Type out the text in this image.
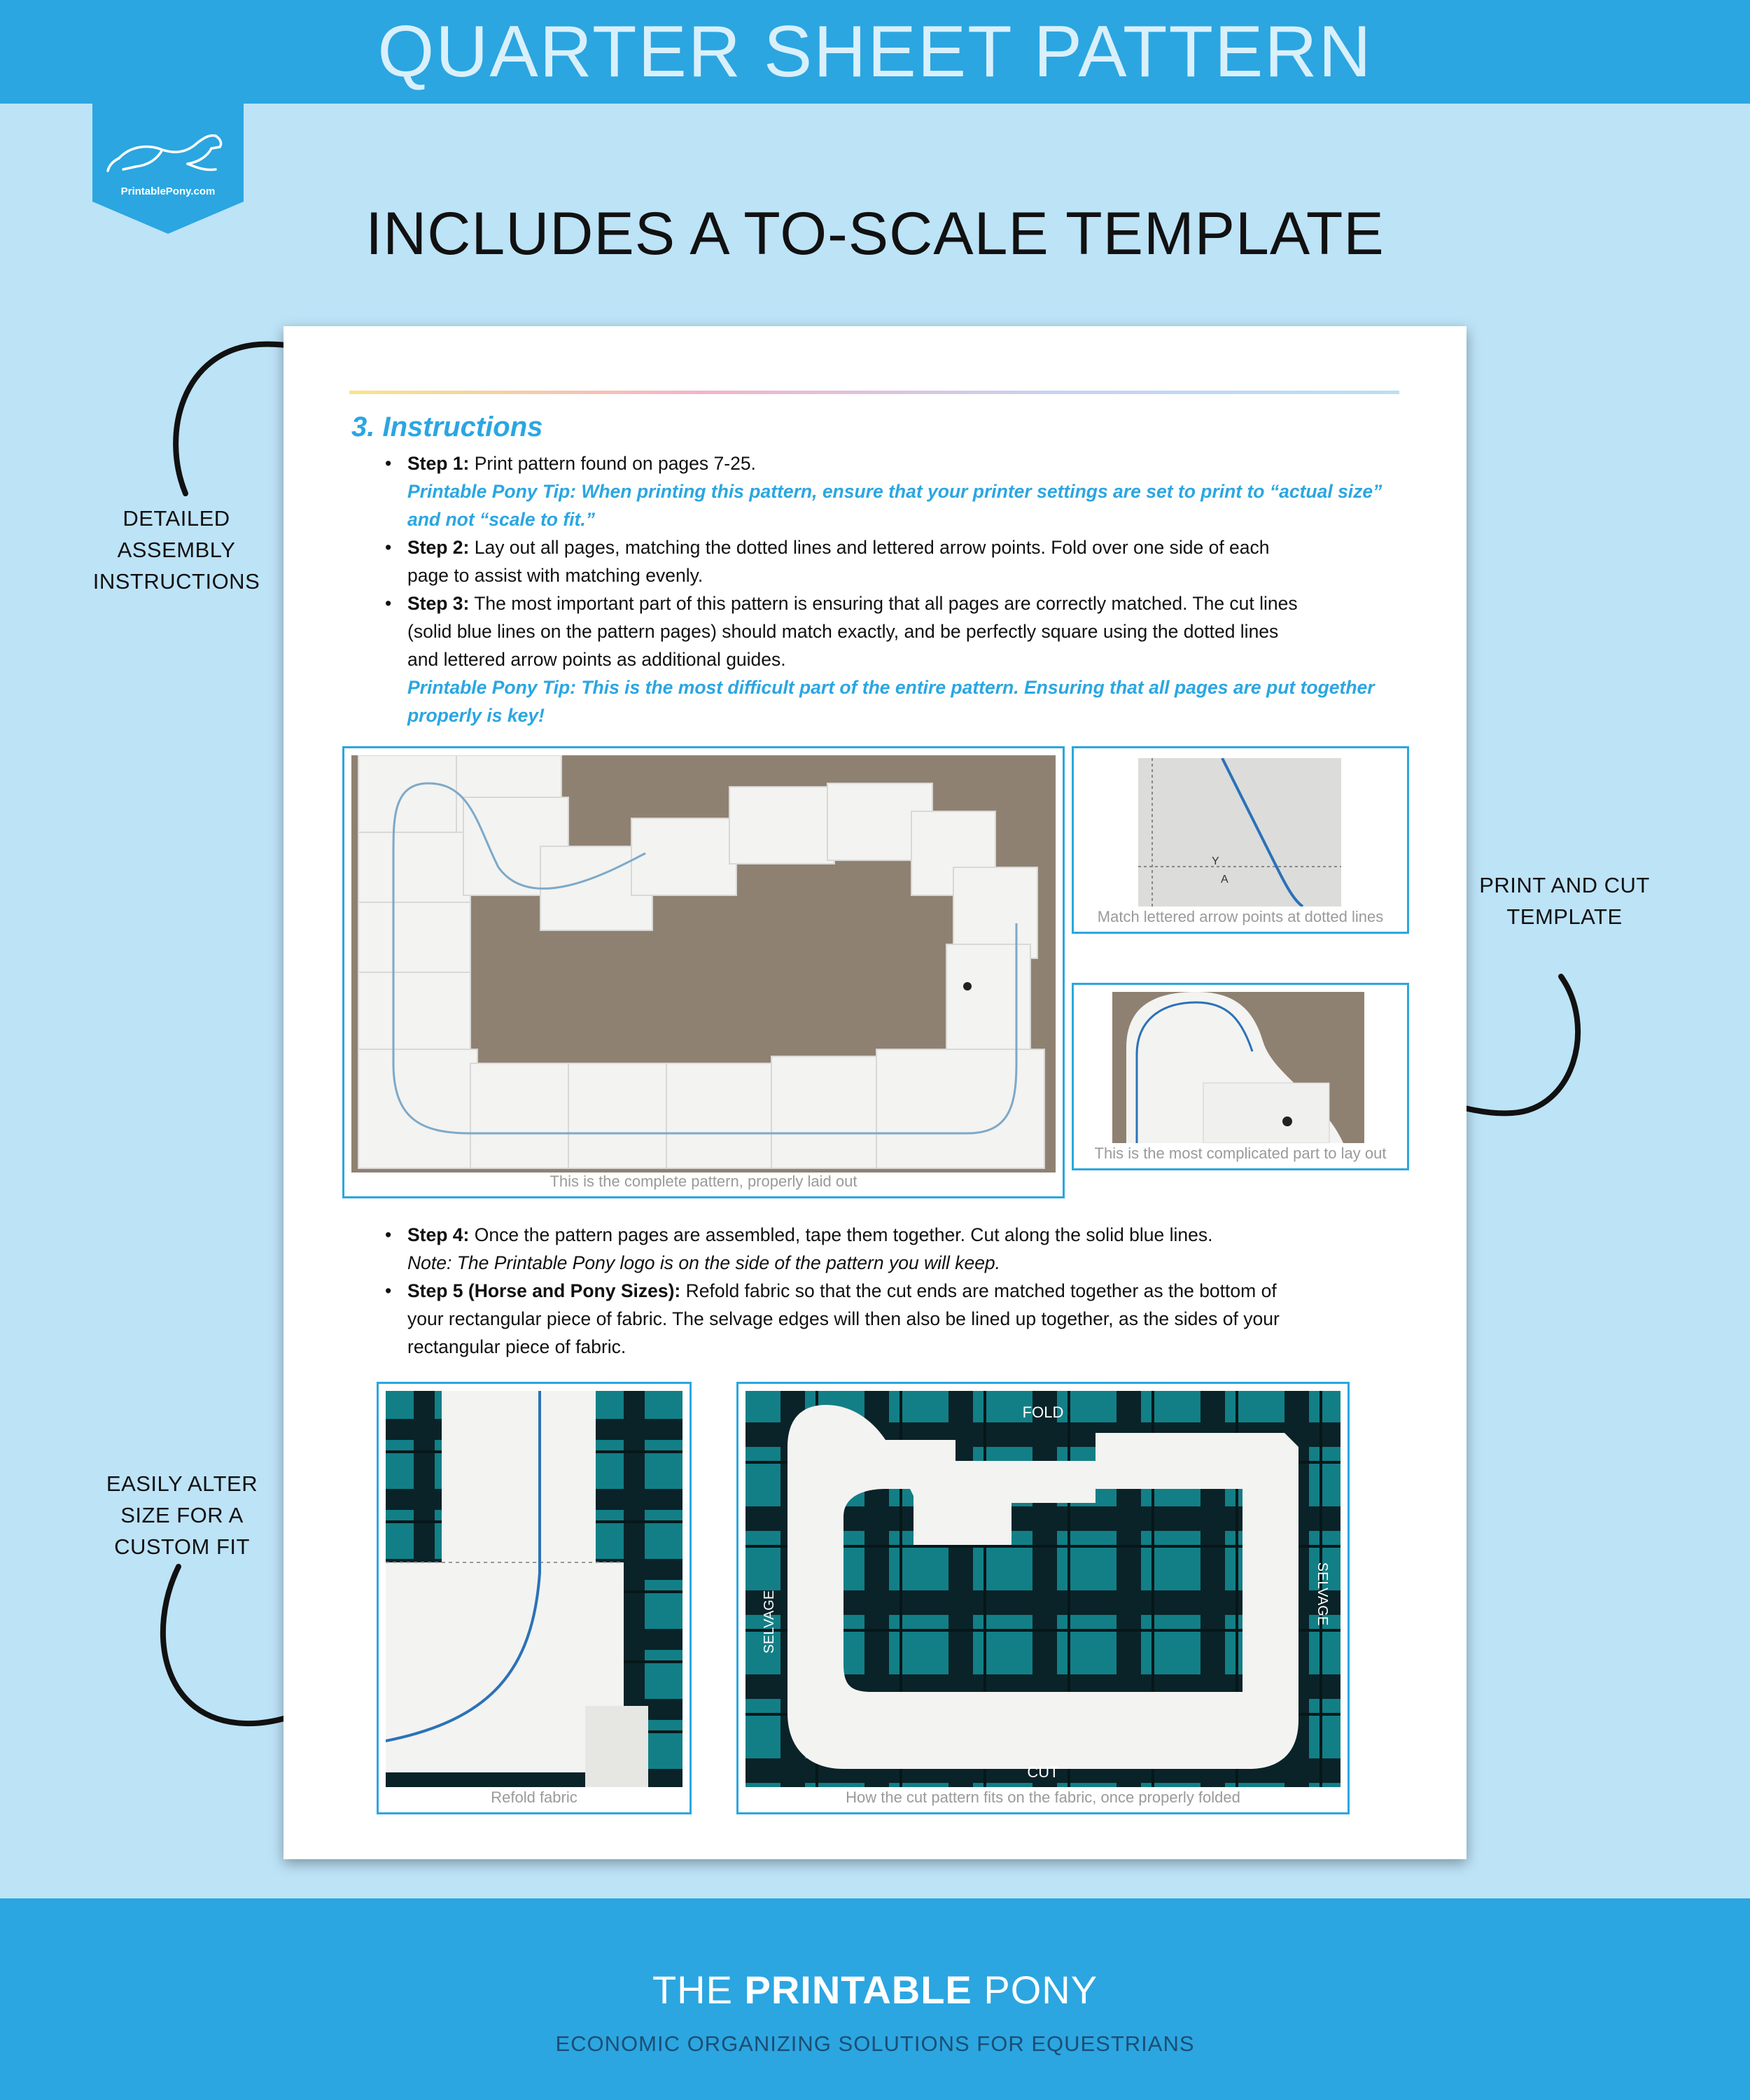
QUARTER SHEET PATTERN
PrintablePony.com
INCLUDES A TO-SCALE TEMPLATE
DETAILED
ASSEMBLY
INSTRUCTIONS
PRINT AND CUT
TEMPLATE
EASILY ALTER
SIZE FOR A
CUSTOM FIT
3. Instructions

• Step 1: Print pattern found on pages 7-25.

Printable Pony Tip: When printing this pattern, ensure that your printer settings are set to print to “actual size”
and not “scale to fit.”

• Step 2: Lay out all pages, matching the dotted lines and lettered arrow points. Fold over one side of each
page to assist with matching evenly.

• Step 3: The most important part of this pattern is ensuring that all pages are correctly matched. The cut lines
(solid blue lines on the pattern pages) should match exactly, and be perfectly square using the dotted lines
and lettered arrow points as additional guides.

Printable Pony Tip: This is the most difficult part of the entire pattern. Ensuring that all pages are put together
properly is key!

This is the complete pattern, properly laid out
Y
A
Match lettered arrow points at dotted lines
This is the most complicated part to lay out

• Step 4: Once the pattern pages are assembled, tape them together. Cut along the solid blue lines.

Note: The Printable Pony logo is on the side of the pattern you will keep.

• Step 5 (Horse and Pony Sizes): Refold fabric so that the cut ends are matched together as the bottom of
your rectangular piece of fabric. The selvage edges will then also be lined up together, as the sides of your
rectangular piece of fabric.

Refold fabric
FOLD
CUT
SELVAGE	SELVAGE
How the cut pattern fits on the fabric, once properly folded
THE PRINTABLE PONY
ECONOMIC ORGANIZING SOLUTIONS FOR EQUESTRIANS
